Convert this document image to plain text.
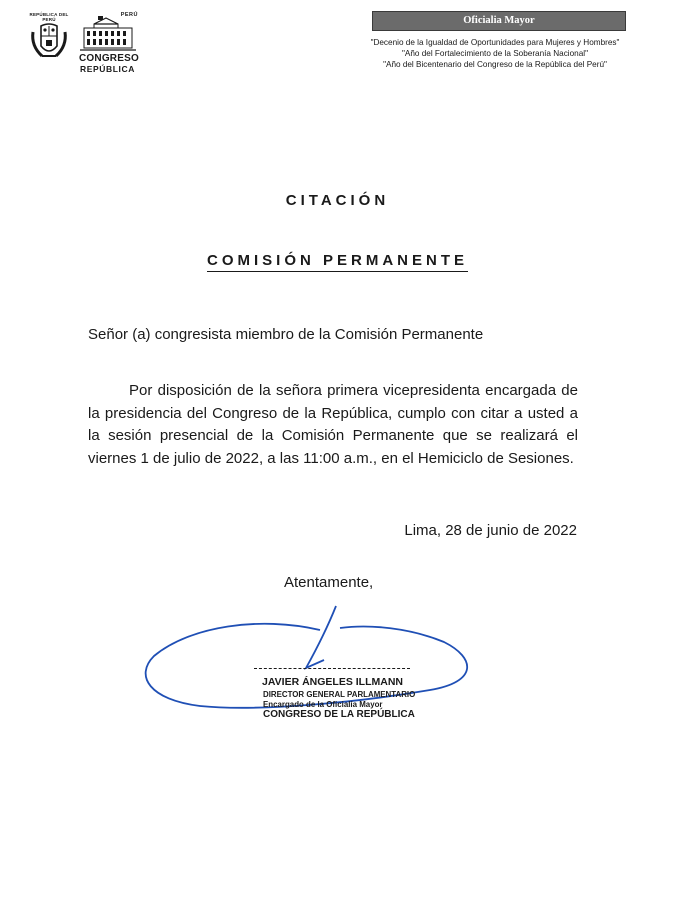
REPÚBLICA DEL PERÚ
PERÚ
CONGRESO
REPÚBLICA
Oficialia Mayor
"Decenio de la Igualdad de Oportunidades para Mujeres y Hombres"
"Año del Fortalecimiento de la Soberanía Nacional"
"Año del Bicentenario del Congreso de la República del Perú"
CITACIÓN
COMISIÓN PERMANENTE
Señor (a) congresista miembro de la Comisión Permanente
Por disposición de la señora primera vicepresidenta encargada de la presidencia del Congreso de la República, cumplo con citar a usted a la sesión presencial de la Comisión Permanente que se realizará el viernes 1 de julio de 2022, a las 11:00 a.m., en el Hemiciclo de Sesiones.
Lima, 28 de junio de 2022
Atentamente,
JAVIER ÁNGELES ILLMANN
DIRECTOR GENERAL PARLAMENTARIO
Encargado de la Oficialía Mayor
CONGRESO DE LA REPÚBLICA
